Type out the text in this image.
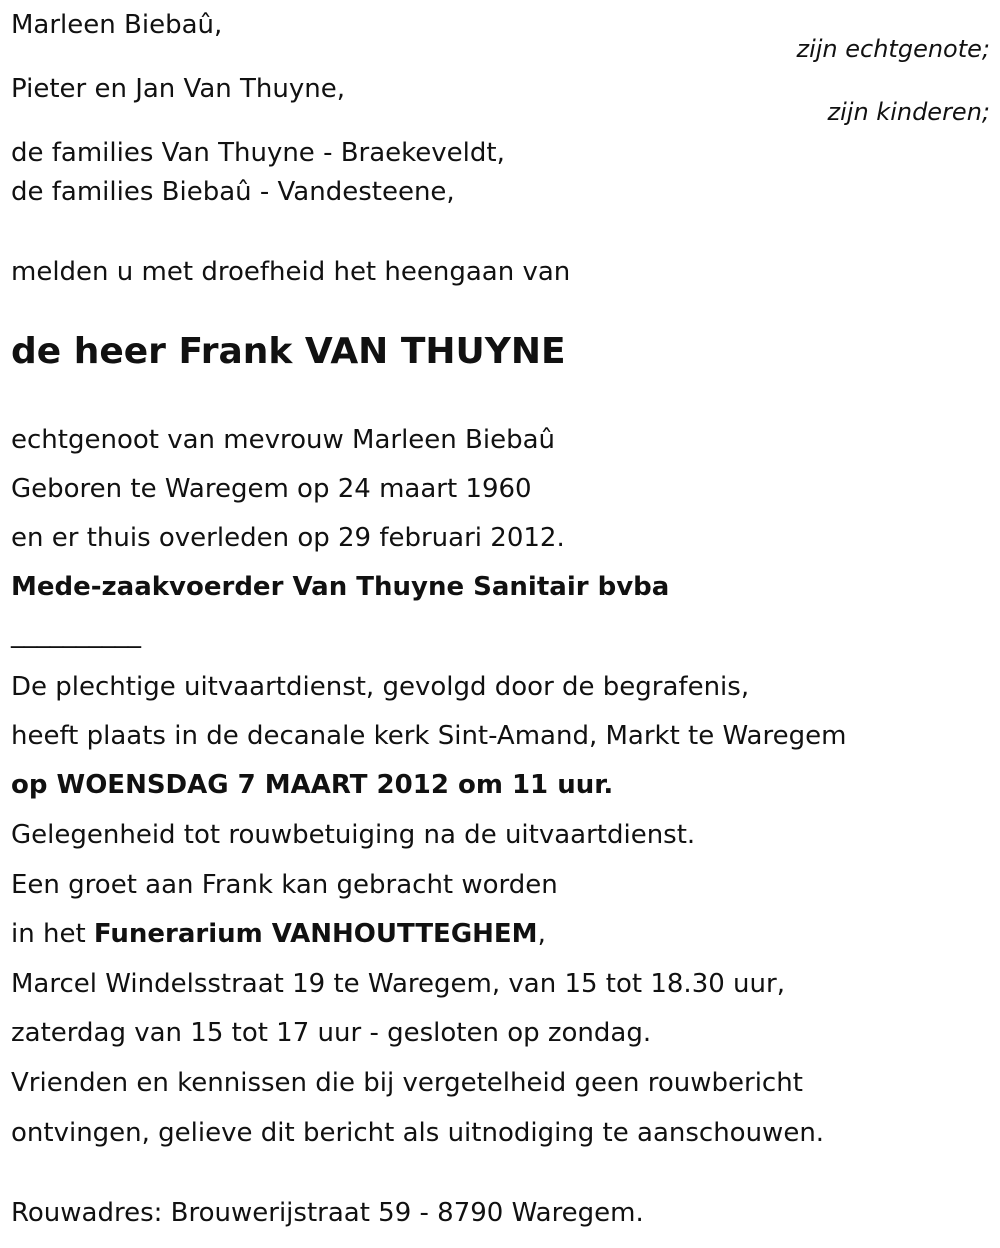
Marleen Biebaû,
zijn echtgenote;
Pieter en Jan Van Thuyne,
zijn kinderen;
de families Van Thuyne - Braekeveldt,
de families Biebaû - Vandesteene,
melden u met droefheid het heengaan van
de heer Frank VAN THUYNE
echtgenoot van mevrouw Marleen Biebaû
Geboren te Waregem op 24 maart 1960
en er thuis overleden op 29 februari 2012.
Mede-zaakvoerder Van Thuyne Sanitair bvba
__________
De plechtige uitvaartdienst, gevolgd door de begrafenis,
heeft plaats in de decanale kerk Sint-Amand, Markt te Waregem
op WOENSDAG 7 MAART 2012 om 11 uur.
Gelegenheid tot rouwbetuiging na de uitvaartdienst.
Een groet aan Frank kan gebracht worden
in het Funerarium VANHOUTTEGHEM,
Marcel Windelsstraat 19 te Waregem, van 15 tot 18.30 uur,
zaterdag van 15 tot 17 uur - gesloten op zondag.
Vrienden en kennissen die bij vergetelheid geen rouwbericht
ontvingen, gelieve dit bericht als uitnodiging te aanschouwen.
Rouwadres: Brouwerijstraat 59 - 8790 Waregem.
